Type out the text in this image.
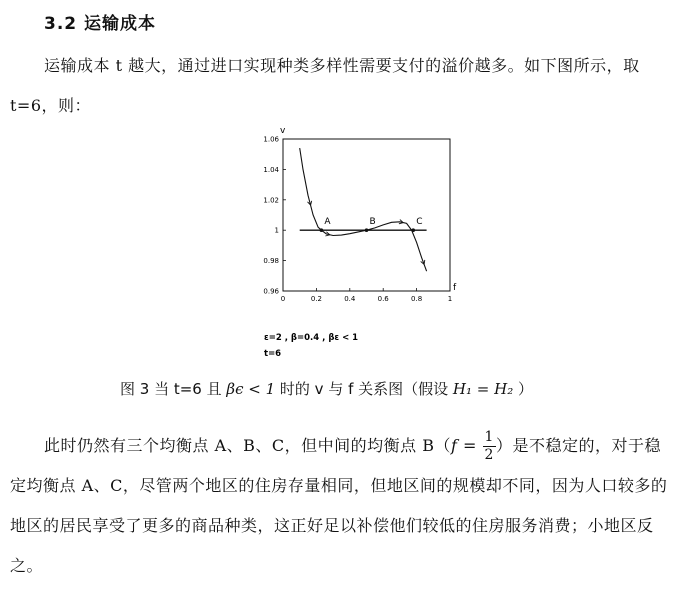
3.2 运输成本
运输成本 t 越大，通过进口实现种类多样性需要支付的溢价越多。如下图所示，取 t=6，则：
0	0.2	0.4	0.6	0.8	1
1.06
1.04
1.02
1
0.98
0.96
A	B	C
v
f
ε=2 , β=0.4 , βε < 1
t=6
图 3 当 t=6 且 βϵ < 1 时的 v 与 f 关系图（假设 H₁ = H₂ ）
此时仍然有三个均衡点 A、B、C，但中间的均衡点 $B(f = \frac{1}{2}$ ）是不稳定的，对于稳定均衡点 A、C，尽管两个地区的住房存量相同，但地区间的规模却不同，因为人口较多的地区的居民享受了更多的商品种类，这正好足以补偿他们较低的住房服务消费；小地区反之。
